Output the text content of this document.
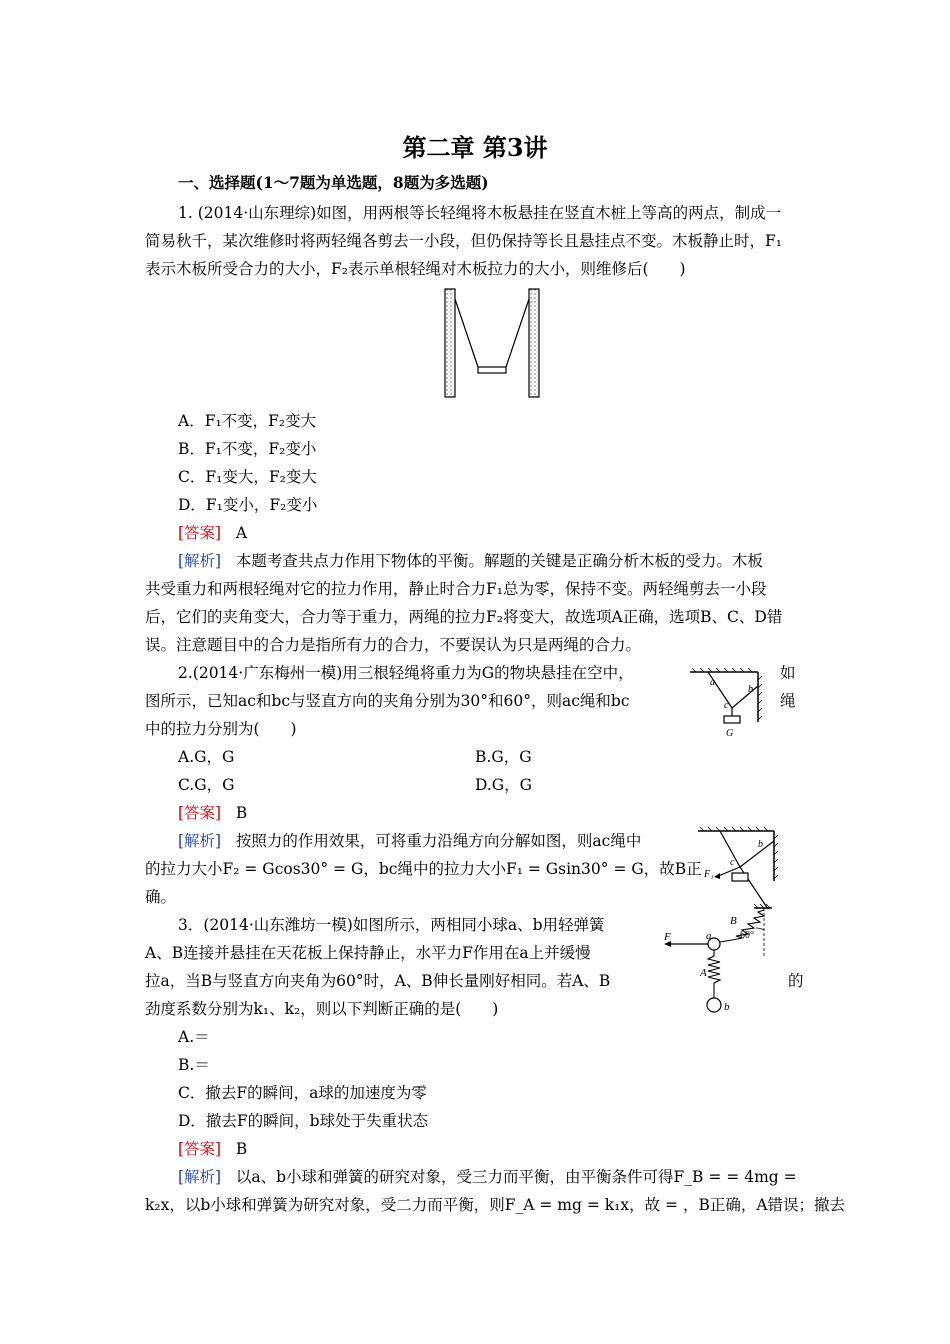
第二章 第3讲
一、选择题(1～7题为单选题，8题为多选题)
1. (2014·山东理综)如图，用两根等长轻绳将木板悬挂在竖直木桩上等高的两点，制成一
简易秋千，某次维修时将两轻绳各剪去一小段，但仍保持等长且悬挂点不变。木板静止时，F₁
表示木板所受合力的大小，F₂表示单根轻绳对木板拉力的大小，则维修后(　　)
A．F₁不变，F₂变大
B．F₁不变，F₂变小
C．F₁变大，F₂变大
D．F₁变小，F₂变小
[答案] A
[解析] 本题考查共点力作用下物体的平衡。解题的关键是正确分析木板的受力。木板
共受重力和两根轻绳对它的拉力作用，静止时合力F₁总为零，保持不变。两轻绳剪去一小段
后，它们的夹角变大，合力等于重力，两绳的拉力F₂将变大，故选项A正确，选项B、C、D错
误。注意题目中的合力是指所有力的合力，不要误认为只是两绳的合力。
2.(2014·广东梅州一模)用三根轻绳将重力为G的物块悬挂在空中，	如
图所示，已知ac和bc与竖直方向的夹角分别为30°和60°，则ac绳和bc	绳
中的拉力分别为(　　)
a
b
c
G
A.G，G	B.G，G
C.G，G	D.G，G
[答案] B
[解析] 按照力的作用效果，可将重力沿绳方向分解如图，则ac绳中
的拉力大小F₂ = Gcos30° = G，bc绳中的拉力大小F₁ = Gsin30° = G，故B正
确。
b
c
F₁
3．(2014·山东潍坊一模)如图所示，两相同小球a、b用轻弹簧
A、B连接并悬挂在天花板上保持静止，水平力F作用在a上并缓慢
拉a，当B与竖直方向夹角为60°时，A、B伸长量刚好相同。若A、B	的
劲度系数分别为k₁、k₂，则以下判断正确的是(　　)
F	a
A
B
60°
b
A.＝
B.＝
C．撤去F的瞬间，a球的加速度为零
D．撤去F的瞬间，b球处于失重状态
[答案] B
[解析] 以a、b小球和弹簧的研究对象，受三力而平衡，由平衡条件可得F_B = = 4mg =
k₂x，以b小球和弹簧为研究对象，受二力而平衡，则F_A = mg = k₁x，故 = ，B正确，A错误；撤去
